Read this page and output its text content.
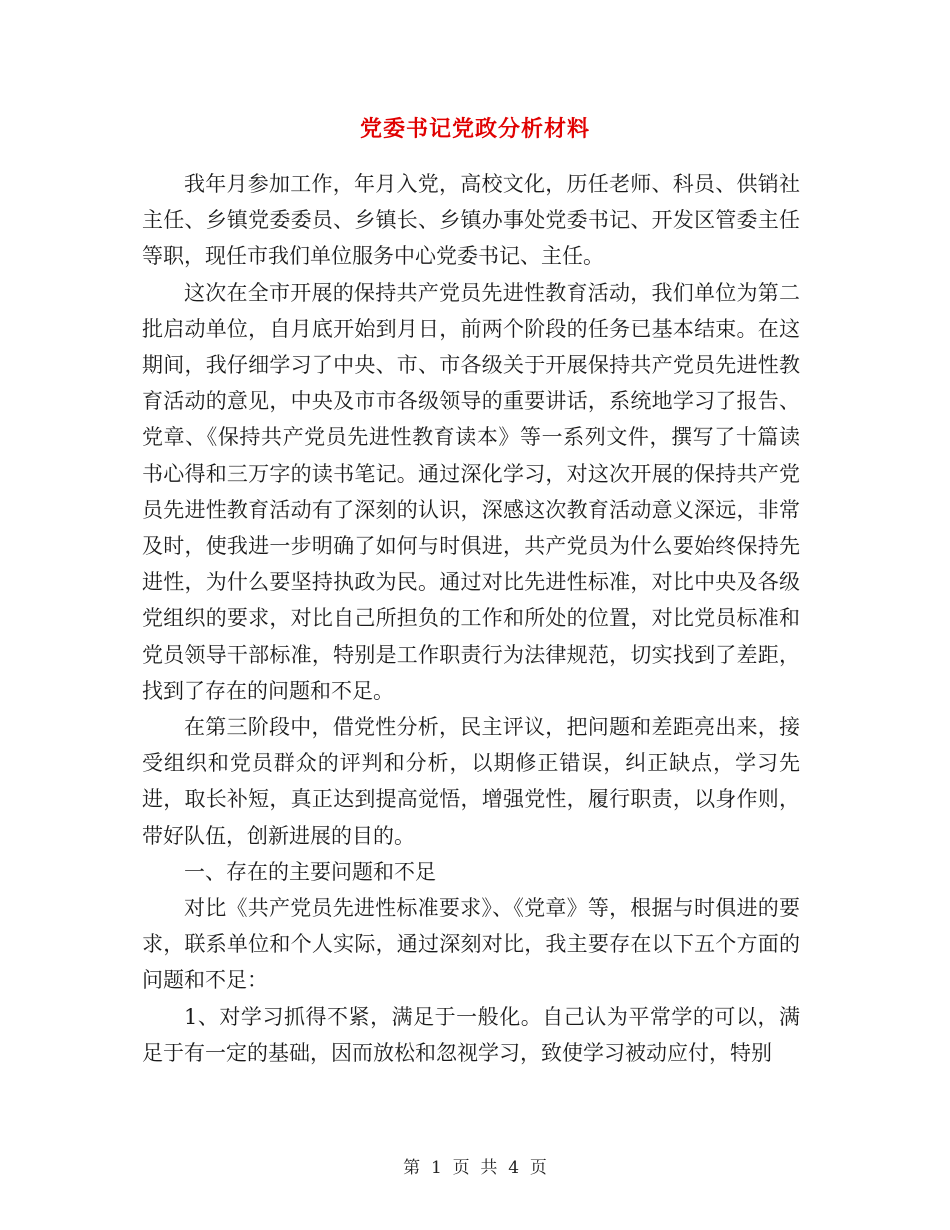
党委书记党政分析材料

我年月参加工作，年月入党，高校文化，历任老师、科员、供销社主任、乡镇党委委员、乡镇长、乡镇办事处党委书记、开发区管委主任等职，现任市我们单位服务中心党委书记、主任。

这次在全市开展的保持共产党员先进性教育活动，我们单位为第二批启动单位，自月底开始到月日，前两个阶段的任务已基本结束。在这期间，我仔细学习了中央、市、市各级关于开展保持共产党员先进性教育活动的意见，中央及市市各级领导的重要讲话，系统地学习了报告、党章、《保持共产党员先进性教育读本》等一系列文件，撰写了十篇读书心得和三万字的读书笔记。通过深化学习，对这次开展的保持共产党员先进性教育活动有了深刻的认识，深感这次教育活动意义深远，非常及时，使我进一步明确了如何与时俱进，共产党员为什么要始终保持先进性，为什么要坚持执政为民。通过对比先进性标准，对比中央及各级党组织的要求，对比自己所担负的工作和所处的位置，对比党员标准和党员领导干部标准，特别是工作职责行为法律规范，切实找到了差距，找到了存在的问题和不足。

在第三阶段中，借党性分析，民主评议，把问题和差距亮出来，接受组织和党员群众的评判和分析，以期修正错误，纠正缺点，学习先进，取长补短，真正达到提高觉悟，增强党性，履行职责，以身作则，带好队伍，创新进展的目的。

一、存在的主要问题和不足

对比《共产党员先进性标准要求》、《党章》等，根据与时俱进的要求，联系单位和个人实际，通过深刻对比，我主要存在以下五个方面的问题和不足：

1、对学习抓得不紧，满足于一般化。自己认为平常学的可以，满足于有一定的基础，因而放松和忽视学习，致使学习被动应付，特别

第  1  页  共  4  页
